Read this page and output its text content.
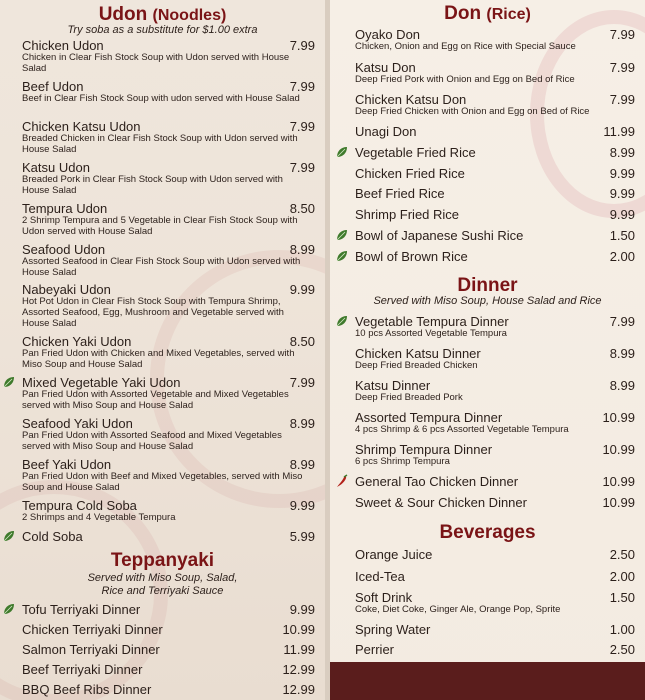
Udon (Noodles)
Try soba as a substitute for $1.00 extra
Chicken Udon	7.99
Chicken in Clear Fish Stock Soup with Udon served with House Salad
Beef Udon	7.99
Beef in Clear Fish Stock Soup with udon served with House Salad
Chicken Katsu Udon	7.99
Breaded Chicken in Clear Fish Stock Soup with Udon served with House Salad
Katsu Udon	7.99
Breaded Pork in Clear Fish Stock Soup with Udon served with House Salad
Tempura Udon	8.50
2 Shrimp Tempura and 5 Vegetable in Clear Fish Stock Soup with Udon served with House Salad
Seafood Udon	8.99
Assorted Seafood in Clear Fish Stock Soup with Udon served with House Salad
Nabeyaki Udon	9.99
Hot Pot Udon in Clear Fish Stock Soup with Tempura Shrimp, Assorted Seafood, Egg, Mushroom and Vegetable served with House Salad
Chicken Yaki Udon	8.50
Pan Fried Udon with Chicken and Mixed Vegetables, served with Miso Soup and House Salad
Mixed Vegetable Yaki Udon	7.99
Pan Fried Udon with Assorted Vegetable and Mixed Vegetables served with Miso Soup and House Salad
Seafood Yaki Udon	8.99
Pan Fried Udon with Assorted Seafood and Mixed Vegetables served with Miso Soup and House Salad
Beef Yaki Udon	8.99
Pan Fried Udon with Beef and Mixed Vegetables, served with Miso Soup and House Salad
Tempura Cold Soba	9.99
2 Shrimps and 4 Vegetable Tempura
Cold Soba	5.99
Teppanyaki
Served with Miso Soup, Salad,
Rice and Terriyaki Sauce
Tofu Terriyaki Dinner	9.99
Chicken Terriyaki Dinner	10.99
Salmon Terriyaki Dinner	11.99
Beef Terriyaki Dinner	12.99
BBQ Beef Ribs Dinner	12.99
Don (Rice)
Oyako Don	7.99
Chicken, Onion and Egg on Rice with Special Sauce
Katsu Don	7.99
Deep Fried Pork with Onion and Egg on Bed of Rice
Chicken Katsu Don	7.99
Deep Fried Chicken with Onion and Egg on Bed of Rice
Unagi Don	11.99
Vegetable Fried Rice	8.99
Chicken Fried Rice	9.99
Beef Fried Rice	9.99
Shrimp Fried Rice	9.99
Bowl of Japanese Sushi Rice	1.50
Bowl of Brown Rice	2.00
Dinner
Served with Miso Soup, House Salad and Rice
Vegetable Tempura Dinner	7.99
10 pcs Assorted Vegetable Tempura
Chicken Katsu Dinner	8.99
Deep Fried Breaded Chicken
Katsu Dinner	8.99
Deep Fried Breaded Pork
Assorted Tempura Dinner	10.99
4 pcs Shrimp & 6 pcs Assorted Vegetable Tempura
Shrimp Tempura Dinner	10.99
6 pcs Shrimp Tempura
General Tao Chicken Dinner	10.99
Sweet & Sour Chicken Dinner	10.99
Beverages
Orange Juice	2.50
Iced-Tea	2.00
Soft Drink	1.50
Coke, Diet Coke, Ginger Ale, Orange Pop, Sprite
Spring Water	1.00
Perrier	2.50
